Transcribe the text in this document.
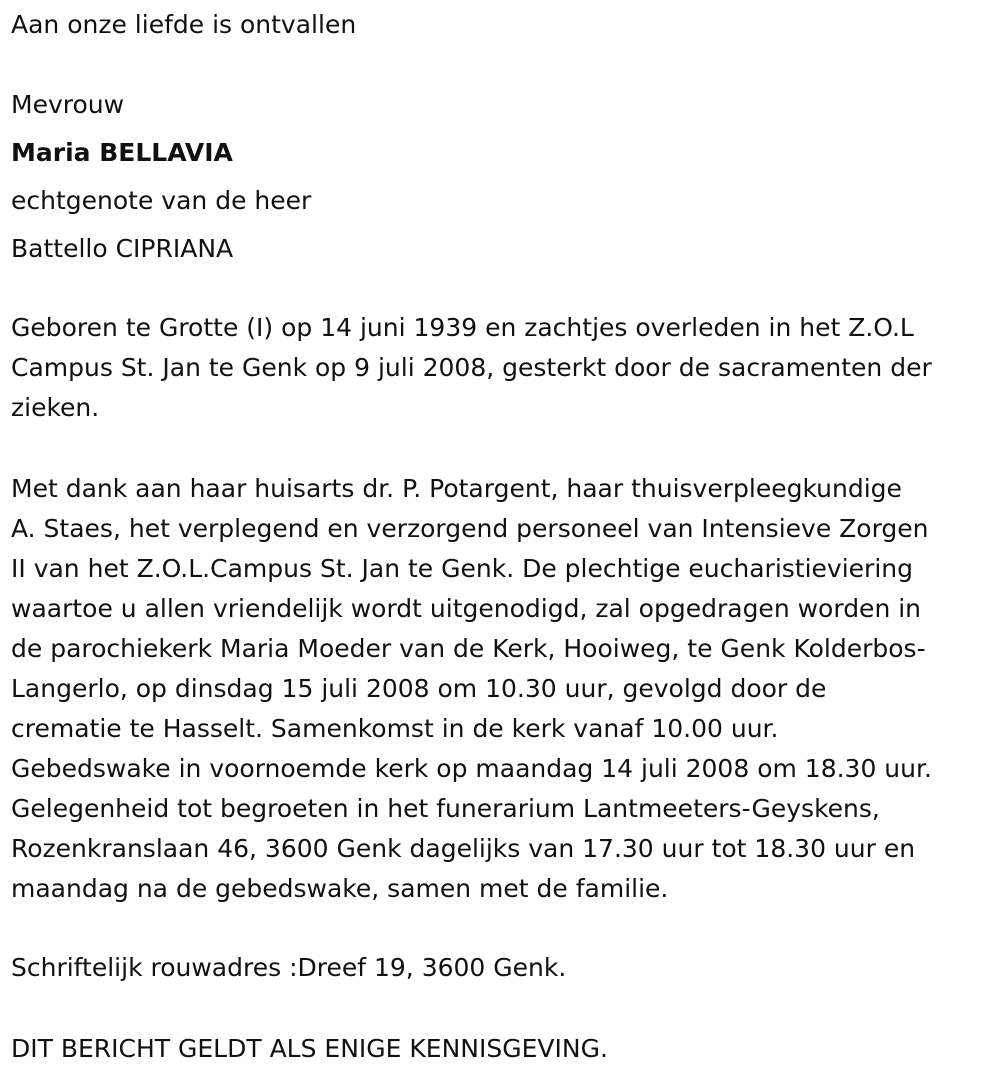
Aan onze liefde is ontvallen
Mevrouw
Maria BELLAVIA
echtgenote van de heer
Battello CIPRIANA
Geboren te Grotte (I) op 14 juni 1939 en zachtjes overleden in het Z.O.L
Campus St. Jan te Genk op 9 juli 2008, gesterkt door de sacramenten der
zieken.
Met dank aan haar huisarts dr. P. Potargent, haar thuisverpleegkundige
A. Staes, het verplegend en verzorgend personeel van Intensieve Zorgen
II van het Z.O.L.Campus St. Jan te Genk. De plechtige eucharistieviering
waartoe u allen vriendelijk wordt uitgenodigd, zal opgedragen worden in
de parochiekerk Maria Moeder van de Kerk, Hooiweg, te Genk Kolderbos-
Langerlo, op dinsdag 15 juli 2008 om 10.30 uur, gevolgd door de
crematie te Hasselt. Samenkomst in de kerk vanaf 10.00 uur.
Gebedswake in voornoemde kerk op maandag 14 juli 2008 om 18.30 uur.
Gelegenheid tot begroeten in het funerarium Lantmeeters-Geyskens,
Rozenkranslaan 46, 3600 Genk dagelijks van 17.30 uur tot 18.30 uur en
maandag na de gebedswake, samen met de familie.
Schriftelijk rouwadres :Dreef 19, 3600 Genk.
DIT BERICHT GELDT ALS ENIGE KENNISGEVING.
